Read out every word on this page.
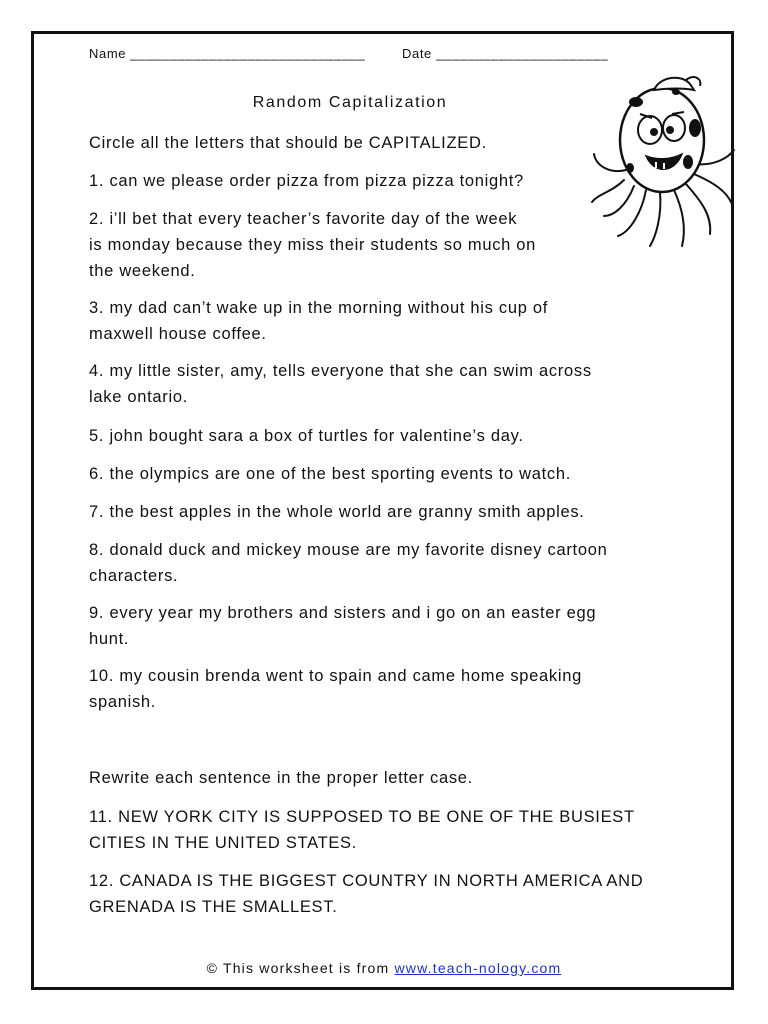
Name ______________________________	Date ______________________
Random Capitalization
Circle all the letters that should be CAPITALIZED.
1. can we please order pizza from pizza pizza tonight?
2. i’ll bet that every teacher’s favorite day of the week
is monday because they miss their students so much on
the weekend.
3. my dad can’t wake up in the morning without his cup of
maxwell house coffee.
4. my little sister, amy, tells everyone that she can swim across
lake ontario.
5. john bought sara a box of turtles for valentine’s day.
6. the olympics are one of the best sporting events to watch.
7. the best apples in the whole world are granny smith apples.
8. donald duck and mickey mouse are my favorite disney cartoon
characters.
9. every year my brothers and sisters and i go on an easter egg
hunt.
10. my cousin brenda went to spain and came home speaking
spanish.
Rewrite each sentence in the proper letter case.
11. NEW YORK CITY IS SUPPOSED TO BE ONE OF THE BUSIEST
CITIES IN THE UNITED STATES.
12. CANADA IS THE BIGGEST COUNTRY IN NORTH AMERICA AND
GRENADA IS THE SMALLEST.
© This worksheet is from www.teach-nology.com
